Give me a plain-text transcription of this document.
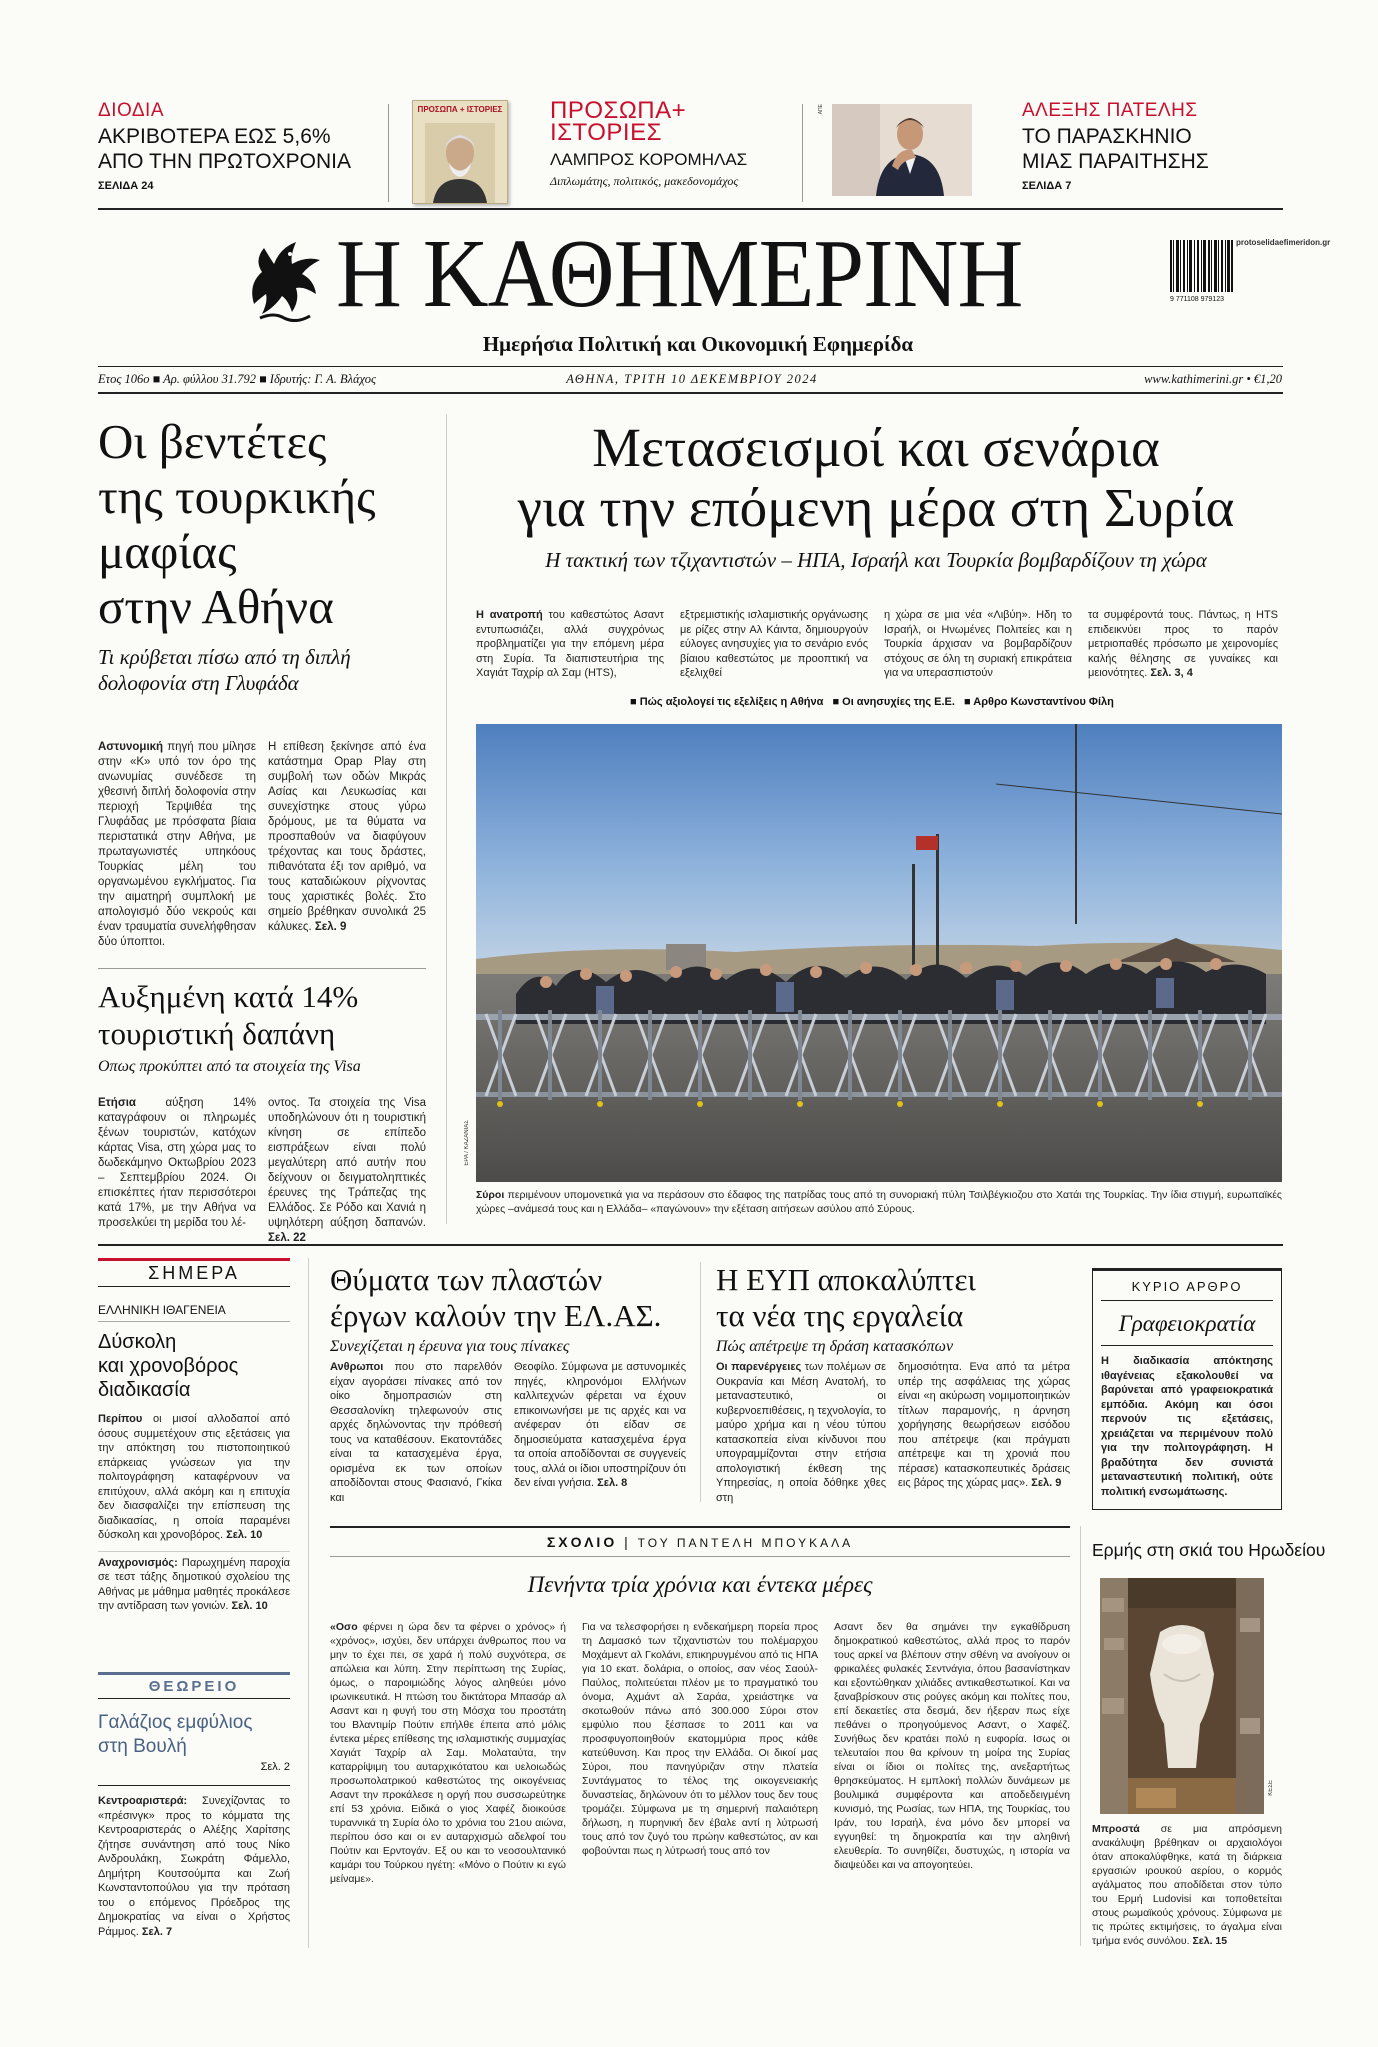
ΔΙΟΔΙΑ
ΑΚΡΙΒΟΤΕΡΑ ΕΩΣ 5,6%
ΑΠΟ ΤΗΝ ΠΡΩΤΟΧΡΟΝΙΑ
ΣΕΛΙΔΑ 24
ΠΡΟΣΩΠΑ + ΙΣΤΟΡΙΕΣ ΠΡΟΣΩΠΑ+
ΙΣΤΟΡΙΕΣ
ΛΑΜΠΡΟΣ ΚΟΡΟΜΗΛΑΣ
Διπλωμάτης, πολιτικός, μακεδονομάχος
ΑΠΕ	ΑΛΕΞΗΣ ΠΑΤΕΛΗΣ
ΤΟ ΠΑΡΑΣΚΗΝΙΟ
ΜΙΑΣ ΠΑΡΑΙΤΗΣΗΣ
ΣΕΛΙΔΑ 7
Η ΚΑΘΗΜΕΡΙΝΗ
Ημερήσια Πολιτική και Οικονομική Εφημερίδα
protoselidaefimeridon.gr
9 771108 979123
Ετος 106ο ■ Αρ. φύλλου 31.792 ■ Ιδρυτής: Γ. Α. Βλάχος	ΑΘΗΝΑ, ΤΡΙΤΗ 10 ΔΕΚΕΜΒΡΙΟΥ 2024	www.kathimerini.gr • €1,20
Οι βεντέτες
της τουρκικής
μαφίας
στην Αθήνα
Τι κρύβεται πίσω από τη διπλή δολοφονία στη Γλυφάδα
Αστυνομική πηγή που μίλησε στην «Κ» υπό τον όρο της ανωνυμίας συνέδεσε τη χθεσινή διπλή δολοφονία στην περιοχή Τερψιθέα της Γλυφάδας με πρόσφατα βίαια περιστατικά στην Αθήνα, με πρωταγωνιστές υπηκόους Τουρκίας μέλη του οργανωμένου εγκλήματος. Για την αιματηρή συμπλοκή με απολογισμό δύο νεκρούς και έναν τραυματία συνελήφθησαν δύο ύποπτοι.
Η επίθεση ξεκίνησε από ένα κατάστημα Opap Play στη συμβολή των οδών Μικράς Ασίας και Λευκωσίας και συνεχίστηκε στους γύρω δρόμους, με τα θύματα να προσπαθούν να διαφύγουν τρέχοντας και τους δράστες, πιθανότατα έξι τον αριθμό, να τους καταδιώκουν ρίχνοντας τους χαριστικές βολές. Στο σημείο βρέθηκαν συνολικά 25 κάλυκες. Σελ. 9
Αυξημένη κατά 14%
τουριστική δαπάνη
Οπως προκύπτει από τα στοιχεία της Visa
Ετήσια αύξηση 14% καταγράφουν οι πληρωμές ξένων τουριστών, κατόχων κάρτας Visa, στη χώρα μας το δωδεκάμηνο Οκτωβρίου 2023 – Σεπτεμβρίου 2024. Οι επισκέπτες ήταν περισσότεροι κατά 17%, με την Αθήνα να προσελκύει τη μερίδα του λέ-
οντος. Τα στοιχεία της Visa υποδηλώνουν ότι η τουριστική κίνηση σε επίπεδο εισπράξεων είναι πολύ μεγαλύτερη από αυτήν που δείχνουν οι δειγματοληπτικές έρευνες της Τράπεζας της Ελλάδος. Σε Ρόδο και Χανιά η υψηλότερη αύξηση δαπανών. Σελ. 22
Μετασεισμοί και σενάρια
για την επόμενη μέρα στη Συρία
Η τακτική των τζιχαντιστών – ΗΠΑ, Ισραήλ και Τουρκία βομβαρδίζουν τη χώρα
Η ανατροπή του καθεστώτος Ασαντ εντυπωσιάζει, αλλά συγχρόνως προβληματίζει για την επόμενη μέρα στη Συρία. Τα διαπιστευτήρια της Χαγιάτ Ταχρίρ αλ Σαμ (HTS),
εξτρεμιστικής ισλαμιστικής οργάνωσης με ρίζες στην Αλ Κάιντα, δημιουργούν εύλογες ανησυχίες για το σενάριο ενός βίαιου καθεστώτος με προοπτική να εξελιχθεί
η χώρα σε μια νέα «Λιβύη». Ηδη το Ισραήλ, οι Ηνωμένες Πολιτείες και η Τουρκία άρχισαν να βομβαρδίζουν στόχους σε όλη τη συριακή επικράτεια για να υπερασπιστούν
τα συμφέροντά τους. Πάντως, η HTS επιδεικνύει προς το παρόν μετριοπαθές πρόσωπο με χειρονομίες καλής θέλησης σε γυναίκες και μειονότητες. Σελ. 3, 4
■ Πώς αξιολογεί τις εξελίξεις η Αθήνα ■ Οι ανησυχίες της Ε.Ε. ■ Αρθρο Κωνσταντίνου Φίλη
EPA / ΚΑΖΑΝΙΑΣ
Σύροι περιμένουν υπομονετικά για να περάσουν στο έδαφος της πατρίδας τους από τη συνοριακή πύλη Τσιλβέγκιοζου στο Χατάι της Τουρκίας. Την ίδια στιγμή, ευρωπαϊκές χώρες –ανάμεσά τους και η Ελλάδα– «παγώνουν» την εξέταση αιτήσεων ασύλου από Σύρους.
ΣΗΜΕΡΑ
ΕΛΛΗΝΙΚΗ ΙΘΑΓΕΝΕΙΑ
Δύσκολη
και χρονοβόρος
διαδικασία
Περίπου οι μισοί αλλοδαποί από όσους συμμετέχουν στις εξετάσεις για την απόκτηση του πιστοποιητικού επάρκειας γνώσεων για την πολιτογράφηση καταφέρνουν να επιτύχουν, αλλά ακόμη και η επιτυχία δεν διασφαλίζει την επίσπευση της διαδικασίας, η οποία παραμένει δύσκολη και χρονοβόρος. Σελ. 10
Αναχρονισμός: Παρωχημένη παροχία σε τεστ τάξης δημοτικού σχολείου της Αθήνας με μάθημα μαθητές προκάλεσε την αντίδραση των γονιών. Σελ. 10
ΘΕΩΡΕΙΟ
Γαλάζιος εμφύλιος
στη Βουλή
Σελ. 2
Κεντροαριστερά: Συνεχίζοντας το «πρέσινγκ» προς το κόμματα της Κεντροαριστεράς ο Αλέξης Χαρίτσης ζήτησε συνάντηση από τους Νίκο Ανδρουλάκη, Σωκράτη Φάμελλο, Δημήτρη Κουτσούμπα και Ζωή Κωνσταντοπούλου για την πρόταση του ο επόμενος Πρόεδρος της Δημοκρατίας να είναι ο Χρήστος Ράμμος. Σελ. 7
Θύματα των πλαστών
έργων καλούν την ΕΛ.ΑΣ.
Συνεχίζεται η έρευνα για τους πίνακες
Ανθρωποι που στο παρελθόν είχαν αγοράσει πίνακες από τον οίκο δημοπρασιών στη Θεσσαλονίκη τηλεφωνούν στις αρχές δηλώνοντας την πρόθεσή τους να καταθέσουν. Εκατοντάδες είναι τα κατασχεμένα έργα, ορισμένα εκ των οποίων αποδίδονται στους Φασιανό, Γκίκα και
Θεοφίλο. Σύμφωνα με αστυνομικές πηγές, κληρονόμοι Ελλήνων καλλιτεχνών φέρεται να έχουν επικοινωνήσει με τις αρχές και να ανέφεραν ότι είδαν σε δημοσιεύματα κατασχεμένα έργα τα οποία αποδίδονται σε συγγενείς τους, αλλά οι ίδιοι υποστηρίζουν ότι δεν είναι γνήσια. Σελ. 8
Η ΕΥΠ αποκαλύπτει
τα νέα της εργαλεία
Πώς απέτρεψε τη δράση κατασκόπων
Οι παρενέργειες των πολέμων σε Ουκρανία και Μέση Ανατολή, το μεταναστευτικό, οι κυβερνοεπιθέσεις, η τεχνολογία, το μαύρο χρήμα και η νέου τύπου κατασκοπεία είναι κίνδυνοι που υπογραμμίζονται στην ετήσια απολογιστική έκθεση της Υπηρεσίας, η οποία δόθηκε χθες στη
δημοσιότητα. Ενα από τα μέτρα υπέρ της ασφάλειας της χώρας είναι «η ακύρωση νομιμοποιητικών τίτλων παραμονής, η άρνηση χορήγησης θεωρήσεων εισόδου που απέτρεψε (και πράγματι απέτρεψε και τη χρονιά που πέρασε) κατασκοπευτικές δράσεις εις βάρος της χώρας μας». Σελ. 9
ΚΥΡΙΟ ΑΡΘΡΟ
Γραφειοκρατία
Η διαδικασία απόκτησης ιθαγένειας εξακολουθεί να βαρύνεται από γραφειοκρατικά εμπόδια. Ακόμη και όσοι περνούν τις εξετάσεις, χρειάζεται να περιμένουν πολύ για την πολιτογράφηση. Η βραδύτητα δεν συνιστά μεταναστευτική πολιτική, ούτε πολιτική ενσωμάτωσης.
ΣΧΟΛΙΟ | ΤΟΥ ΠΑΝΤΕΛΗ ΜΠΟΥΚΑΛΑ
Πενήντα τρία χρόνια και έντεκα μέρες
«Οσο φέρνει η ώρα δεν τα φέρνει ο χρόνος» ή «χρόνος», ισχύει, δεν υπάρχει άνθρωπος που να μην το έχει πει, σε χαρά ή πολύ συχνότερα, σε απώλεια και λύπη. Στην περίπτωση της Συρίας, όμως, ο παροιμιώδης λόγος αληθεύει μόνο ιρωνικευτικά. Η πτώση του δικτάτορα Μπασάρ αλ Ασαντ και η φυγή του στη Μόσχα του προστάτη του Βλαντιμίρ Πούτιν επήλθε έπειτα από μόλις έντεκα μέρες επίθεσης της ισλαμιστικής συμμαχίας Χαγιάτ Ταχρίρ αλ Σαμ. Μολαταύτα, την καταρρίψιμη του αυταρχικότατου και υελοιωδώς προσωπολατρικού καθεστώτος της οικογένειας Ασαντ την προκάλεσε η οργή που συσσωρεύτηκε επί 53 χρόνια. Ειδικά ο γιος Χαφέζ διοικούσε τυραννικά τη Συρία όλο το χρόνια του 21ου αιώνα, περίπου όσο και οι εν αυταρχισμώ αδελφοί του Πούτιν και Ερντογάν. Εξ ου και το νεοσουλτανικό καμάρι του Τούρκου ηγέτη: «Μόνο ο Πούτιν κι εγώ μείναμε».
Για να τελεσφορήσει η ενδεκαήμερη πορεία προς τη Δαμασκό των τζιχαντιστών του πολέμαρχου Μοχάμεντ αλ Γκολάνι, επικηρυγμένου από τις ΗΠΑ για 10 εκατ. δολάρια, ο οποίος, σαν νέος Σαούλ-Παύλος, πολιτεύεται πλέον με το πραγματικό του όνομα, Αχμάντ αλ Σαράα, χρειάστηκε να σκοτωθούν πάνω από 300.000 Σύροι στον εμφύλιο που ξέσπασε το 2011 και να προσφυγοποιηθούν εκατομμύρια προς κάθε κατεύθυνση. Και προς την Ελλάδα. Οι δικοί μας Σύροι, που πανηγύριζαν στην πλατεία Συντάγματος το τέλος της οικογενειακής δυναστείας, δηλώνουν ότι το μέλλον τους δεν τους τρομάζει. Σύμφωνα με τη σημερινή παλαιότερη δήλωση, η πυρηνική δεν έβαλε αντί η λύτρωσή τους από τον ζυγό του πρώην καθεστώτος, αν και φοβούνται πως η λύτρωσή τους από τον
Ασαντ δεν θα σημάνει την εγκαθίδρυση δημοκρατικού καθεστώτος, αλλά προς το παρόν τους αρκεί να βλέπουν στην σθένη να ανοίγουν οι φρικαλέες φυλακές Σεντνάγια, όπου βασανίστηκαν και εξοντώθηκαν χιλιάδες αντικαθεστωτικοί. Και να ξαναβρίσκουν στις ρούγες ακόμη και πολίτες που, επί δεκαετίες στα δεσμά, δεν ήξεραν πως είχε πεθάνει ο προηγούμενος Ασαντ, ο Χαφέζ. Συνήθως δεν κρατάει πολύ η ευφορία. Ισως οι τελευταίοι που θα κρίνουν τη μοίρα της Συρίας είναι οι ίδιοι οι πολίτες της, ανεξαρτήτως θρησκεύματος. Η εμπλοκή πολλών δυνάμεων με βουλιμικά συμφέροντα και αποδεδειγμένη κυνισμό, της Ρωσίας, των ΗΠΑ, της Τουρκίας, του Ιράν, του Ισραήλ, ένα μόνο δεν μπορεί να εγγυηθεί: τη δημοκρατία και την αληθινή ελευθερία. Το συνηθίζει, δυστυχώς, η ιστορία να διαψεύδει και να απογοητεύει.
Ερμής στη σκιά του Ηρωδείου
ΚΕΣΕ
Μπροστά σε μια απρόσμενη ανακάλυψη βρέθηκαν οι αρχαιολόγοι όταν αποκαλύφθηκε, κατά τη διάρκεια εργασιών ιρουκού αερίου, ο κορμός αγάλματος που αποδίδεται στον τύπο του Ερμή Ludovisi και τοποθετείται στους ρωμαϊκούς χρόνους. Σύμφωνα με τις πρώτες εκτιμήσεις, το άγαλμα είναι τμήμα ενός συνόλου. Σελ. 15
